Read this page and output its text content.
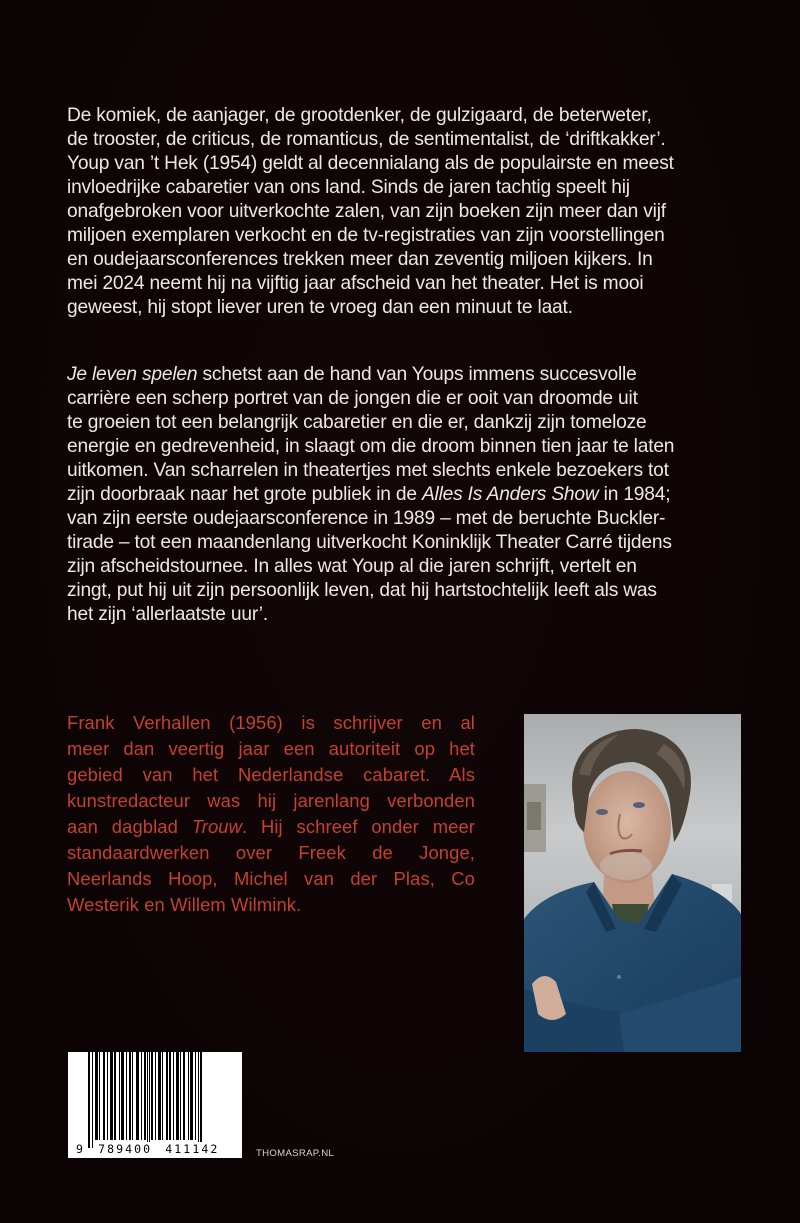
De komiek, de aanjager, de grootdenker, de gulzigaard, de beterweter,
de trooster, de criticus, de romanticus, de sentimentalist, de ‘driftkakker’.
Youp van ’t Hek (1954) geldt al decennialang als de populairste en meest
invloedrijke cabaretier van ons land. Sinds de jaren tachtig speelt hij
onafgebroken voor uitverkochte zalen, van zijn boeken zijn meer dan vijf
miljoen exemplaren verkocht en de tv-registraties van zijn voorstellingen
en oudejaarsconferences trekken meer dan zeventig miljoen kijkers. In
mei 2024 neemt hij na vijftig jaar afscheid van het theater. Het is mooi
geweest, hij stopt liever uren te vroeg dan een minuut te laat.

Je leven spelen schetst aan de hand van Youps immens succesvolle
carrière een scherp portret van de jongen die er ooit van droomde uit
te groeien tot een belangrijk cabaretier en die er, dankzij zijn tomeloze
energie en gedrevenheid, in slaagt om die droom binnen tien jaar te laten
uitkomen. Van scharrelen in theatertjes met slechts enkele bezoekers tot
zijn doorbraak naar het grote publiek in de Alles Is Anders Show in 1984;
van zijn eerste oudejaarsconference in 1989 – met de beruchte Buckler-
tirade – tot een maandenlang uitverkocht Koninklijk Theater Carré tijdens
zijn afscheidstournee. In alles wat Youp al die jaren schrijft, vertelt en
zingt, put hij uit zijn persoonlijk leven, dat hij hartstochtelijk leeft als was
het zijn ‘allerlaatste uur’.

Frank Verhallen (1956) is schrijver en al
meer dan veertig jaar een autoriteit op het
gebied van het Nederlandse cabaret. Als
kunstredacteur was hij jarenlang verbonden
aan dagblad Trouw. Hij schreef onder meer
standaardwerken over Freek de Jonge,
Neerlands Hoop, Michel van der Plas, Co
Westerik en Willem Wilmink.
9 789400 411142	THOMASRAP.NL
